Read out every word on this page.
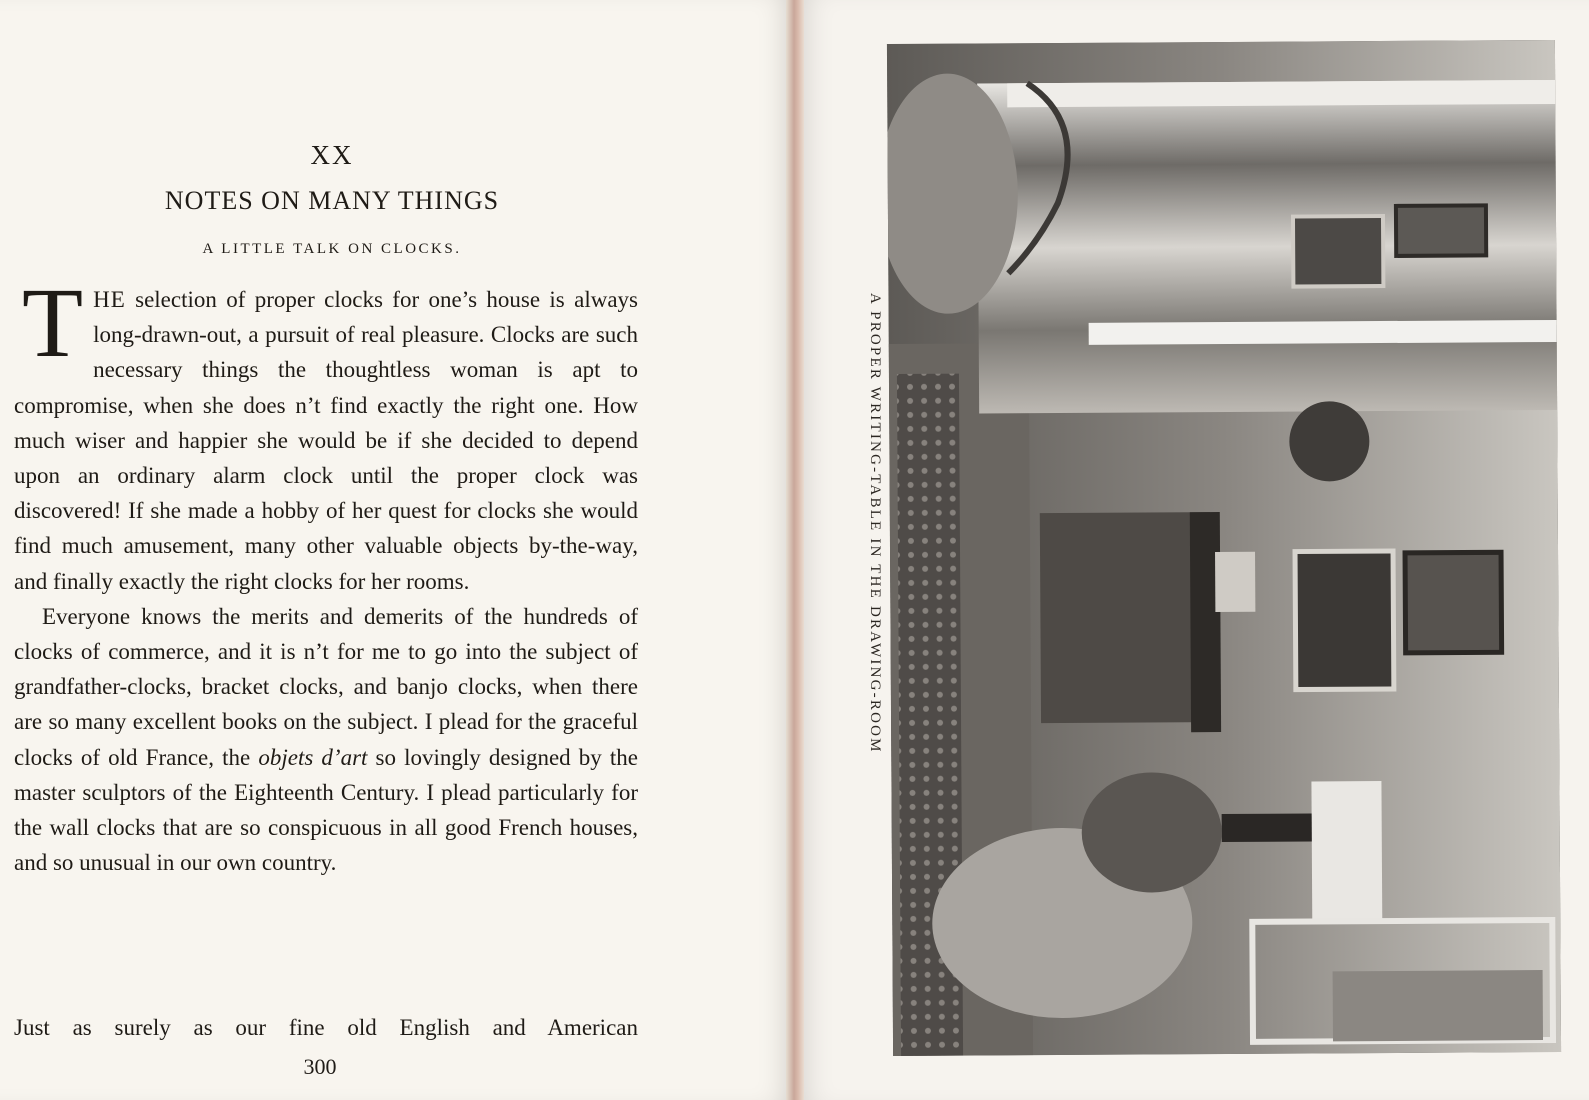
XX
NOTES ON MANY THINGS
A LITTLE TALK ON CLOCKS.

THE selection of proper clocks for one’s house is always long-drawn-out, a pursuit of real pleasure. Clocks are such necessary things the thoughtless woman is apt to compromise, when she does n’t find exactly the right one. How much wiser and happier she would be if she decided to depend upon an ordinary alarm clock until the proper clock was discovered! If she made a hobby of her quest for clocks she would find much amusement, many other valuable objects by-the-way, and finally exactly the right clocks for her rooms.

Everyone knows the merits and demerits of the hundreds of clocks of commerce, and it is n’t for me to go into the subject of grandfather-clocks, bracket clocks, and banjo clocks, when there are so many excellent books on the subject. I plead for the graceful clocks of old France, the objets d’art so lovingly designed by the master sculptors of the Eighteenth Century. I plead particularly for the wall clocks that are so conspicuous in all good French houses, and so unusual in our own country.

Just as surely as our fine old English and American
300
A PROPER WRITING-TABLE IN THE DRAWING-ROOM
